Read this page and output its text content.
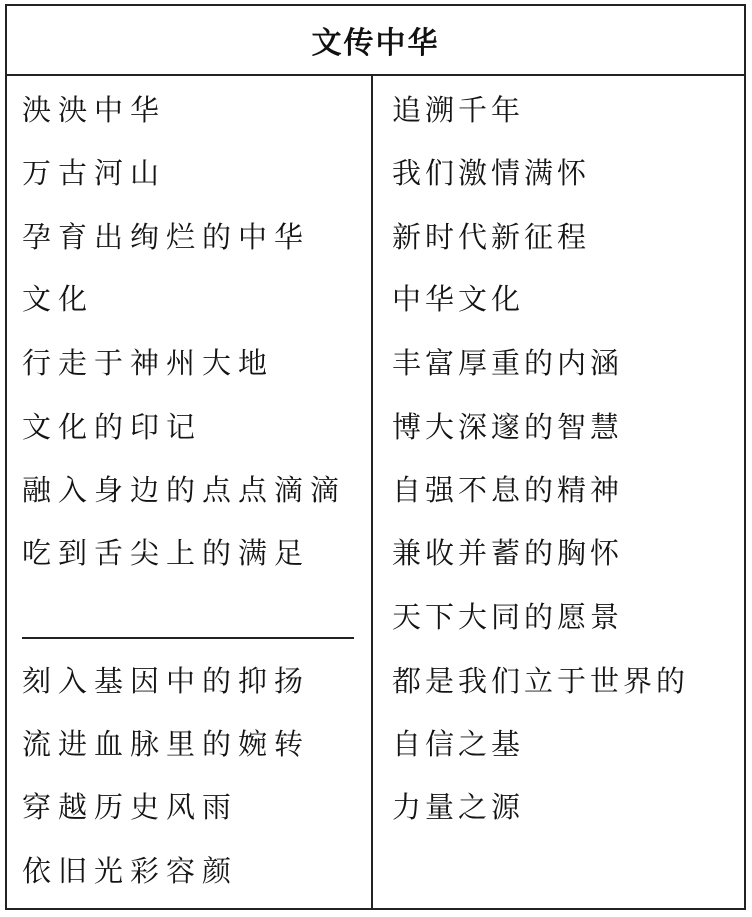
文传中华
泱泱中华
万古河山
孕育出绚烂的中华
文化
行走于神州大地
文化的印记
融入身边的点点滴滴
吃到舌尖上的满足
刻入基因中的抑扬
流进血脉里的婉转
穿越历史风雨
依旧光彩容颜
追溯千年
我们激情满怀
新时代新征程
中华文化
丰富厚重的内涵
博大深邃的智慧
自强不息的精神
兼收并蓄的胸怀
天下大同的愿景
都是我们立于世界的
自信之基
力量之源
